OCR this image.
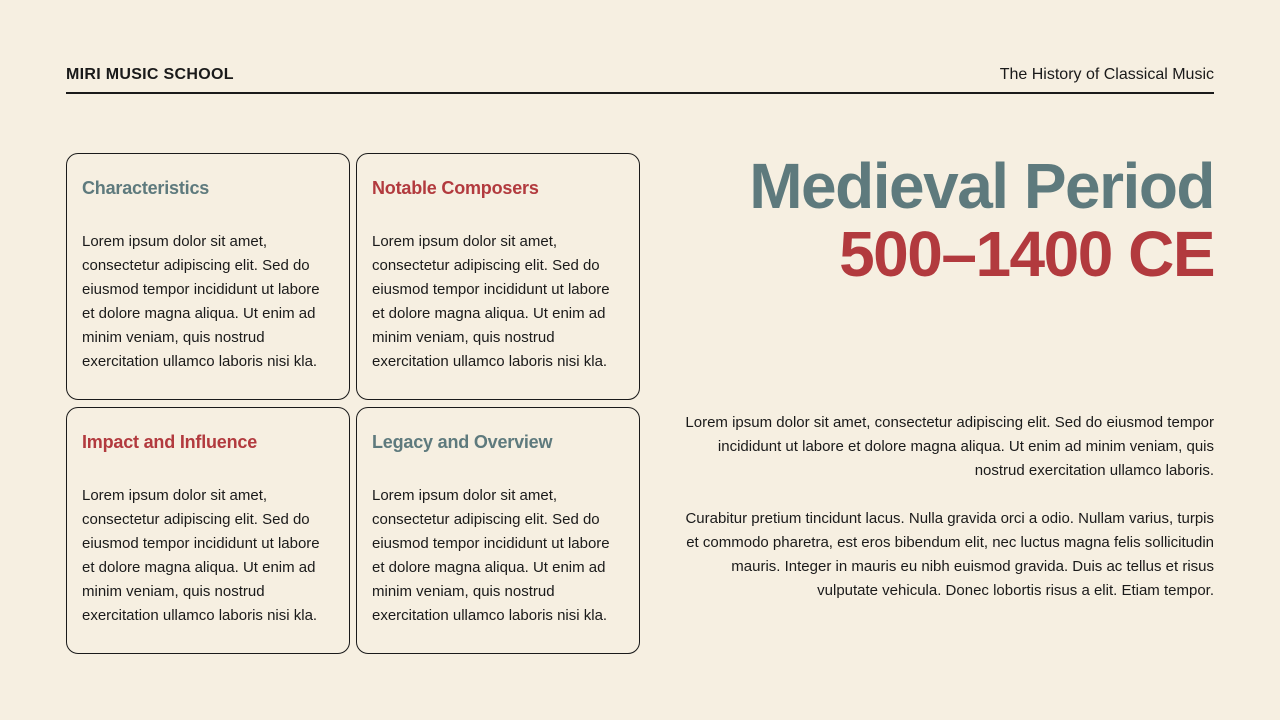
MIRI MUSIC SCHOOL	The History of Classical Music
Characteristics

Lorem ipsum dolor sit amet, consectetur adipiscing elit. Sed do eiusmod tempor incididunt ut labore et dolore magna aliqua. Ut enim ad minim veniam, quis nostrud exercitation ullamco laboris nisi kla.

Notable Composers

Lorem ipsum dolor sit amet, consectetur adipiscing elit. Sed do eiusmod tempor incididunt ut labore et dolore magna aliqua. Ut enim ad minim veniam, quis nostrud exercitation ullamco laboris nisi kla.

Impact and Influence

Lorem ipsum dolor sit amet, consectetur adipiscing elit. Sed do eiusmod tempor incididunt ut labore et dolore magna aliqua. Ut enim ad minim veniam, quis nostrud exercitation ullamco laboris nisi kla.

Legacy and Overview

Lorem ipsum dolor sit amet, consectetur adipiscing elit. Sed do eiusmod tempor incididunt ut labore et dolore magna aliqua. Ut enim ad minim veniam, quis nostrud exercitation ullamco laboris nisi kla.

Medieval Period
500–1400 CE

Lorem ipsum dolor sit amet, consectetur adipiscing elit. Sed do eiusmod tempor incididunt ut labore et dolore magna aliqua. Ut enim ad minim veniam, quis nostrud exercitation ullamco laboris.

Curabitur pretium tincidunt lacus. Nulla gravida orci a odio. Nullam varius, turpis et commodo pharetra, est eros bibendum elit, nec luctus magna felis sollicitudin mauris. Integer in mauris eu nibh euismod gravida. Duis ac tellus et risus vulputate vehicula. Donec lobortis risus a elit. Etiam tempor.
